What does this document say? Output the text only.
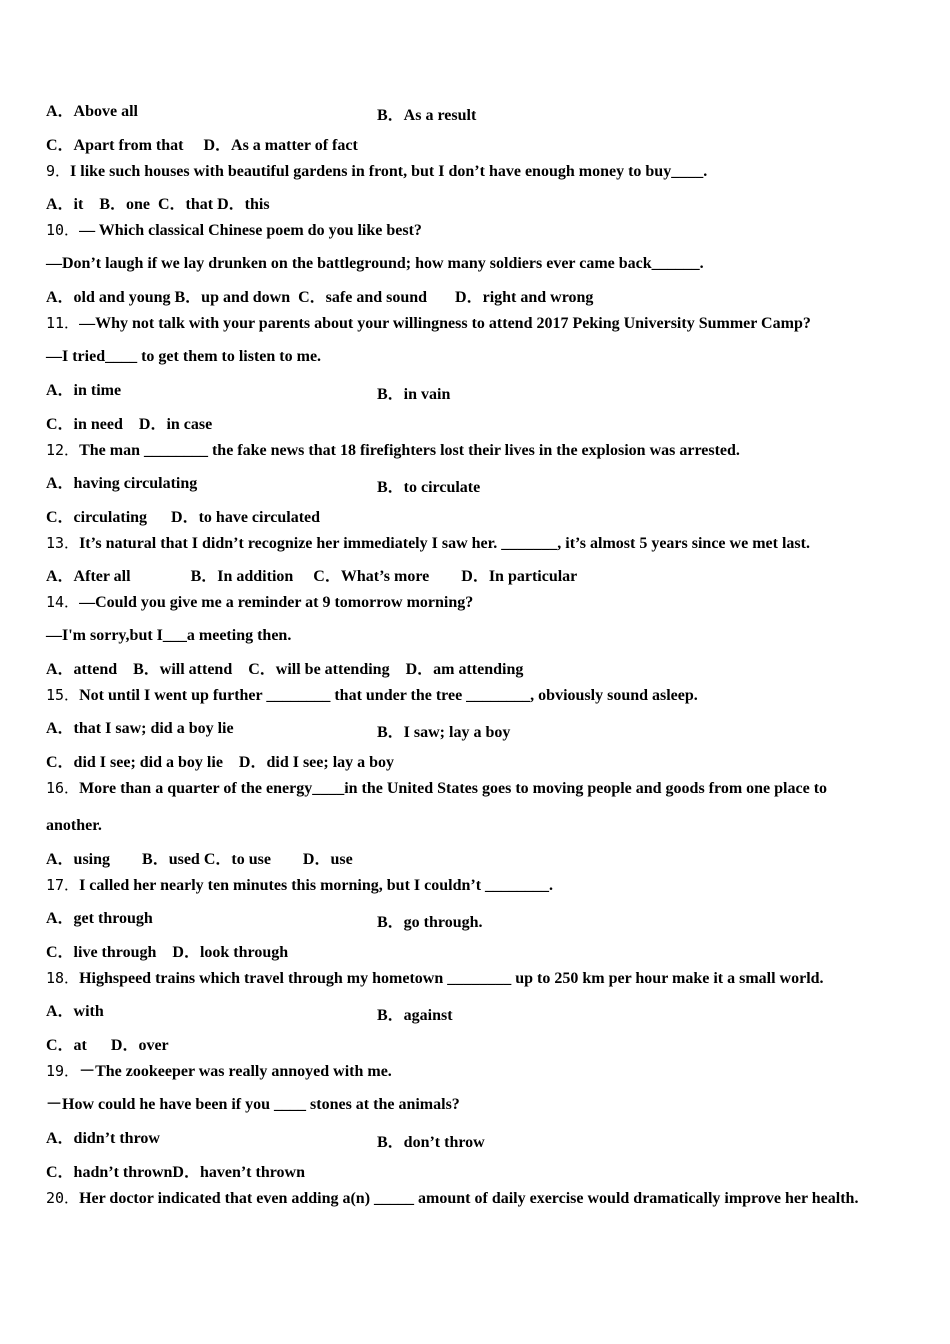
A．Above all	B．As a result
C．Apart from that     D．As a matter of fact
9．I like such houses with beautiful gardens in front, but I don’t have enough money to buy____.
A．it    B．one  C．that D．this
10．— Which classical Chinese poem do you like best?
—Don’t laugh if we lay drunken on the battleground; how many soldiers ever came back______.
A．old and young B．up and down  C．safe and sound       D．right and wrong
11．—Why not talk with your parents about your willingness to attend 2017 Peking University Summer Camp?
—I tried____ to get them to listen to me.
A．in time	B．in vain
C．in need    D．in case
12．The man ________ the fake news that 18 firefighters lost their lives in the explosion was arrested.
A．having circulating	B．to circulate
C．circulating      D．to have circulated
13．It’s natural that I didn’t recognize her immediately I saw her. _______, it’s almost 5 years since we met last.
A．After all               B．In addition     C．What’s more        D．In particular
14．—Could you give me a reminder at 9 tomorrow morning?
—I'm sorry,but I___a meeting then.
A．attend    B．will attend    C．will be attending    D．am attending
15．Not until I went up further ________ that under the tree ________, obviously sound asleep.
A．that I saw; did a boy lie	B．I saw; lay a boy
C．did I see; did a boy lie    D．did I see; lay a boy
16．More than a quarter of the energy____in the United States goes to moving people and goods from one place to
another.
A．using        B．used C．to use        D．use
17．I called her nearly ten minutes this morning, but I couldn’t ________.
A．get through	B．go through.
C．live through    D．look through
18．Highspeed trains which travel through my hometown ________ up to 250 km per hour make it a small world.
A．with	B．against
C．at      D．over
19．－The zookeeper was really annoyed with me.
－How could he have been if you ____ stones at the animals?
A．didn’t throw	B．don’t throw
C．hadn’t thrownD．haven’t thrown
20．Her doctor indicated that even adding a(n) _____ amount of daily exercise would dramatically improve her health.
